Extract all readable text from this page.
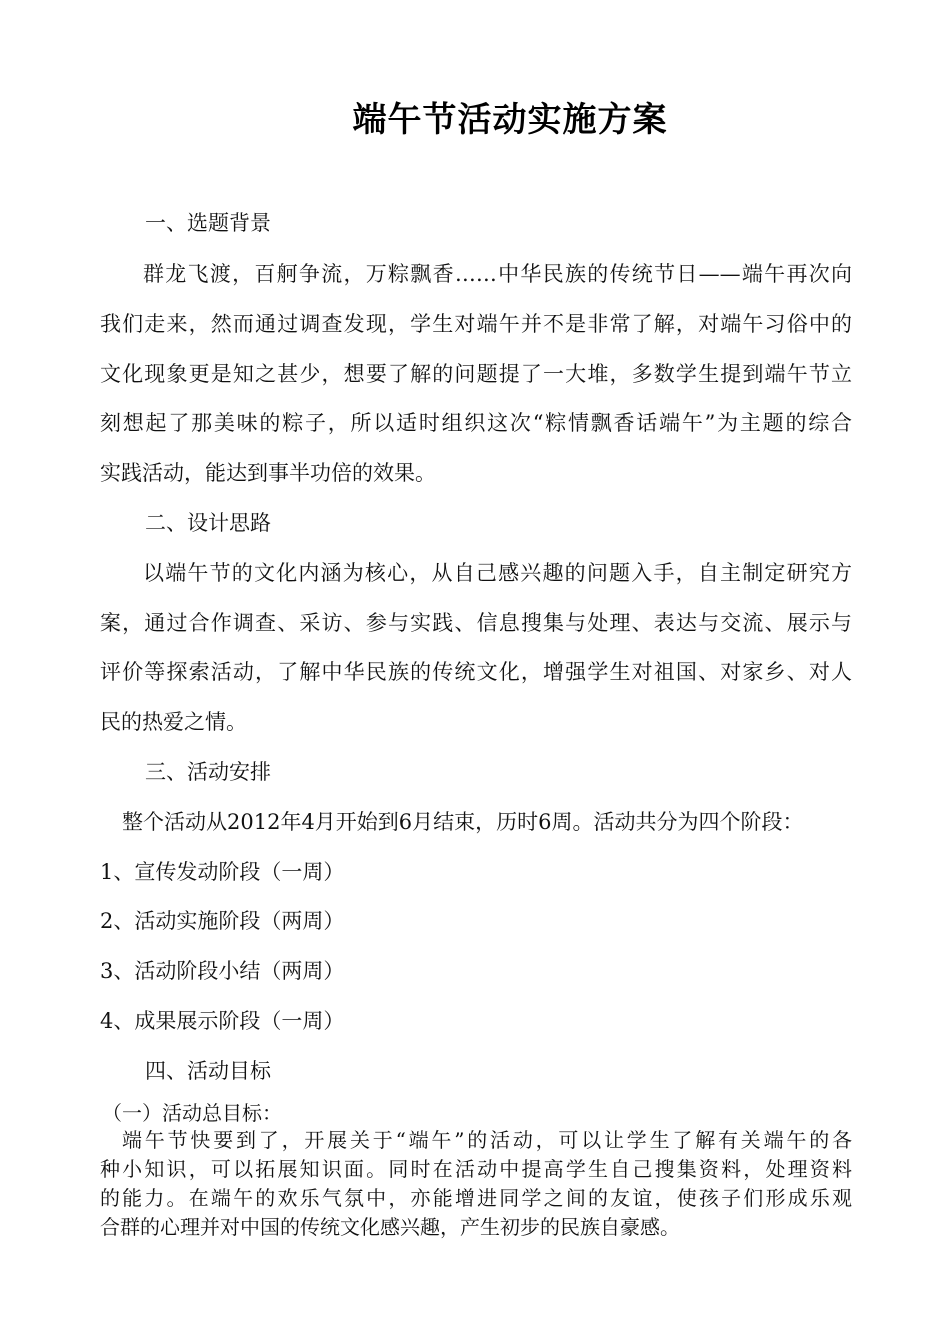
端午节活动实施方案
一、选题背景
群龙飞渡，百舸争流，万粽飘香……中华民族的传统节日——端午再次向
我们走来，然而通过调查发现，学生对端午并不是非常了解，对端午习俗中的
文化现象更是知之甚少，想要了解的问题提了一大堆，多数学生提到端午节立
刻想起了那美味的粽子，所以适时组织这次“粽情飘香话端午”为主题的综合
实践活动，能达到事半功倍的效果。
二、设计思路
以端午节的文化内涵为核心，从自己感兴趣的问题入手，自主制定研究方
案，通过合作调查、采访、参与实践、信息搜集与处理、表达与交流、展示与
评价等探索活动，了解中华民族的传统文化，增强学生对祖国、对家乡、对人
民的热爱之情。
三、活动安排
整个活动从2012年4月开始到6月结束，历时6周。活动共分为四个阶段：
1、宣传发动阶段（一周）
2、活动实施阶段（两周）
3、活动阶段小结（两周）
4、成果展示阶段（一周）
四、活动目标
（一）活动总目标：
端午节快要到了，开展关于“端午”的活动，可以让学生了解有关端午的各
种小知识，可以拓展知识面。同时在活动中提高学生自己搜集资料，处理资料
的能力。在端午的欢乐气氛中，亦能增进同学之间的友谊，使孩子们形成乐观
合群的心理并对中国的传统文化感兴趣，产生初步的民族自豪感。
